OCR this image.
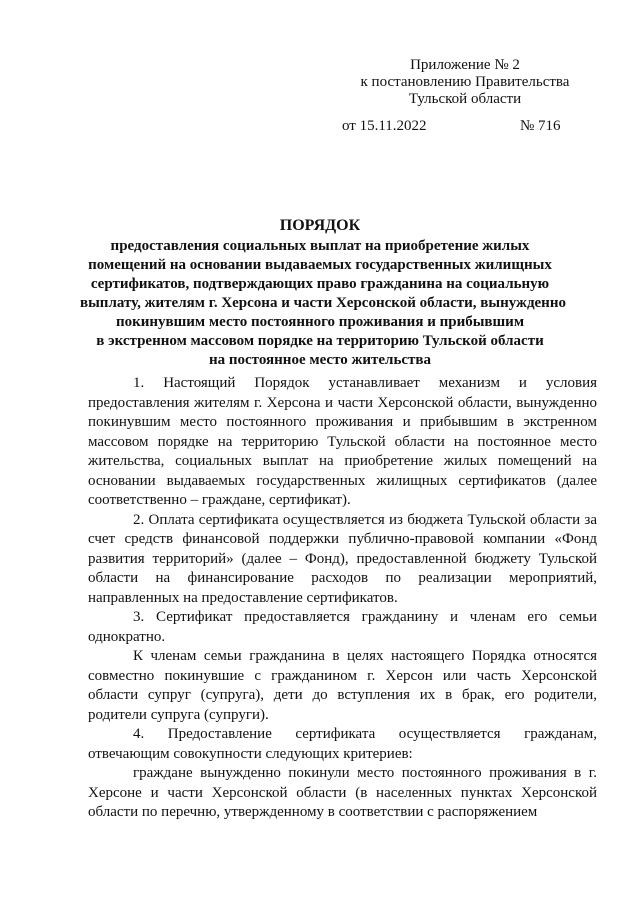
Приложение № 2
к постановлению Правительства
Тульской области
от 15.11.2022	№ 716
ПОРЯДОК
предоставления социальных выплат на приобретение жилых
помещений на основании выдаваемых государственных жилищных
сертификатов, подтверждающих право гражданина на социальную
выплату, жителям г. Херсона и части Херсонской области, вынужденно
покинувшим место постоянного проживания и прибывшим
в экстренном массовом порядке на территорию Тульской области
на постоянное место жительства

1. Настоящий Порядок устанавливает механизм и условия предоставления жителям г. Херсона и части Херсонской области, вынужденно покинувшим место постоянного проживания и прибывшим в экстренном массовом порядке на территорию Тульской области на постоянное место жительства, социальных выплат на приобретение жилых помещений на основании выдаваемых государственных жилищных сертификатов (далее соответственно – граждане, сертификат).

2. Оплата сертификата осуществляется из бюджета Тульской области за счет средств финансовой поддержки публично-правовой компании «Фонд развития территорий» (далее – Фонд), предоставленной бюджету Тульской области на финансирование расходов по реализации мероприятий, направленных на предоставление сертификатов.

3. Сертификат предоставляется гражданину и членам его семьи однократно.

К членам семьи гражданина в целях настоящего Порядка относятся совместно покинувшие с гражданином г. Херсон или часть Херсонской области супруг (супруга), дети до вступления их в брак, его родители, родители супруга (супруги).

4. Предоставление сертификата осуществляется гражданам, отвечающим совокупности следующих критериев:

граждане вынужденно покинули место постоянного проживания в г. Херсоне и части Херсонской области (в населенных пунктах Херсонской области по перечню, утвержденному в соответствии с распоряжением
